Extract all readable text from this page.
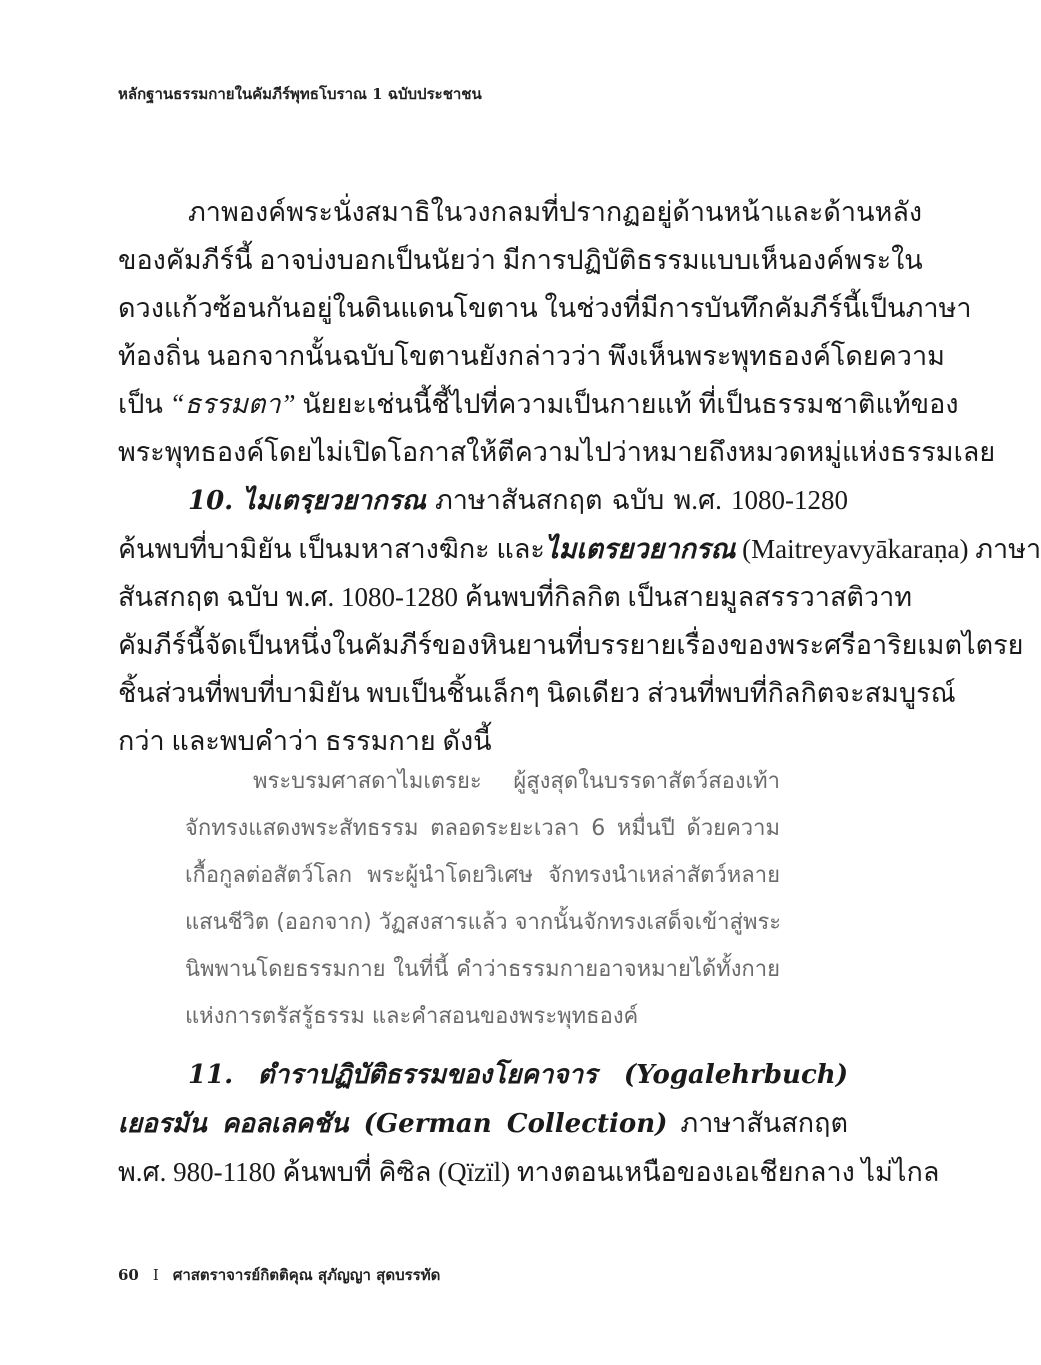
หลักฐานธรรมกายในคัมภีร์พุทธโบราณ 1 ฉบับประชาชน
ภาพองค์พระนั่งสมาธิในวงกลมที่ปรากฏอยู่ด้านหน้าและด้านหลัง
ของคัมภีร์นี้ อาจบ่งบอกเป็นนัยว่า มีการปฏิบัติธรรมแบบเห็นองค์พระใน
ดวงแก้วซ้อนกันอยู่ในดินแดนโขตาน ในช่วงที่มีการบันทึกคัมภีร์นี้เป็นภาษา
ท้องถิ่น นอกจากนั้นฉบับโขตานยังกล่าวว่า พึงเห็นพระพุทธองค์โดยความ
เป็น “ธรรมตา” นัยยะเช่นนี้ชี้ไปที่ความเป็นกายแท้ ที่เป็นธรรมชาติแท้ของ
พระพุทธองค์โดยไม่เปิดโอกาสให้ตีความไปว่าหมายถึงหมวดหมู่แห่งธรรมเลย
10. ไมเตรฺยวยากรณ ภาษาสันสกฤต ฉบับ พ.ศ. 1080-1280
ค้นพบที่บามิยัน เป็นมหาสางฆิกะ และไมเตรยวยากรณ (Maitreyavyākaraṇa) ภาษา
สันสกฤต ฉบับ พ.ศ. 1080-1280 ค้นพบที่กิลกิต เป็นสายมูลสรรวาสติวาท
คัมภีร์นี้จัดเป็นหนึ่งในคัมภีร์ของหินยานที่บรรยายเรื่องของพระศรีอาริยเมตไตรย
ชิ้นส่วนที่พบที่บามิยัน พบเป็นชิ้นเล็กๆ นิดเดียว ส่วนที่พบที่กิลกิตจะสมบูรณ์
กว่า และพบคำว่า ธรรมกาย ดังนี้
พระบรมศาสดาไมเตรยะ ผู้สูงสุดในบรรดาสัตว์สองเท้า
จักทรงแสดงพระสัทธรรม ตลอดระยะเวลา 6 หมื่นปี ด้วยความ
เกื้อกูลต่อสัตว์โลก พระผู้นำโดยวิเศษ จักทรงนำเหล่าสัตว์หลาย
แสนชีวิต (ออกจาก) วัฏสงสารแล้ว จากนั้นจักทรงเสด็จเข้าสู่พระ
นิพพานโดยธรรมกาย ในที่นี้ คำว่าธรรมกายอาจหมายได้ทั้งกาย
แห่งการตรัสรู้ธรรม และคำสอนของพระพุทธองค์
11. ตำราปฏิบัติธรรมของโยคาจาร (Yogalehrbuch)
เยอรมัน คอลเลคชัน (German Collection) ภาษาสันสกฤต
พ.ศ. 980-1180 ค้นพบที่ คิซิล (Qïzïl) ทางตอนเหนือของเอเชียกลาง ไม่ไกล
60 I ศาสตราจารย์กิตติคุณ สุภัญญา สุดบรรทัด
